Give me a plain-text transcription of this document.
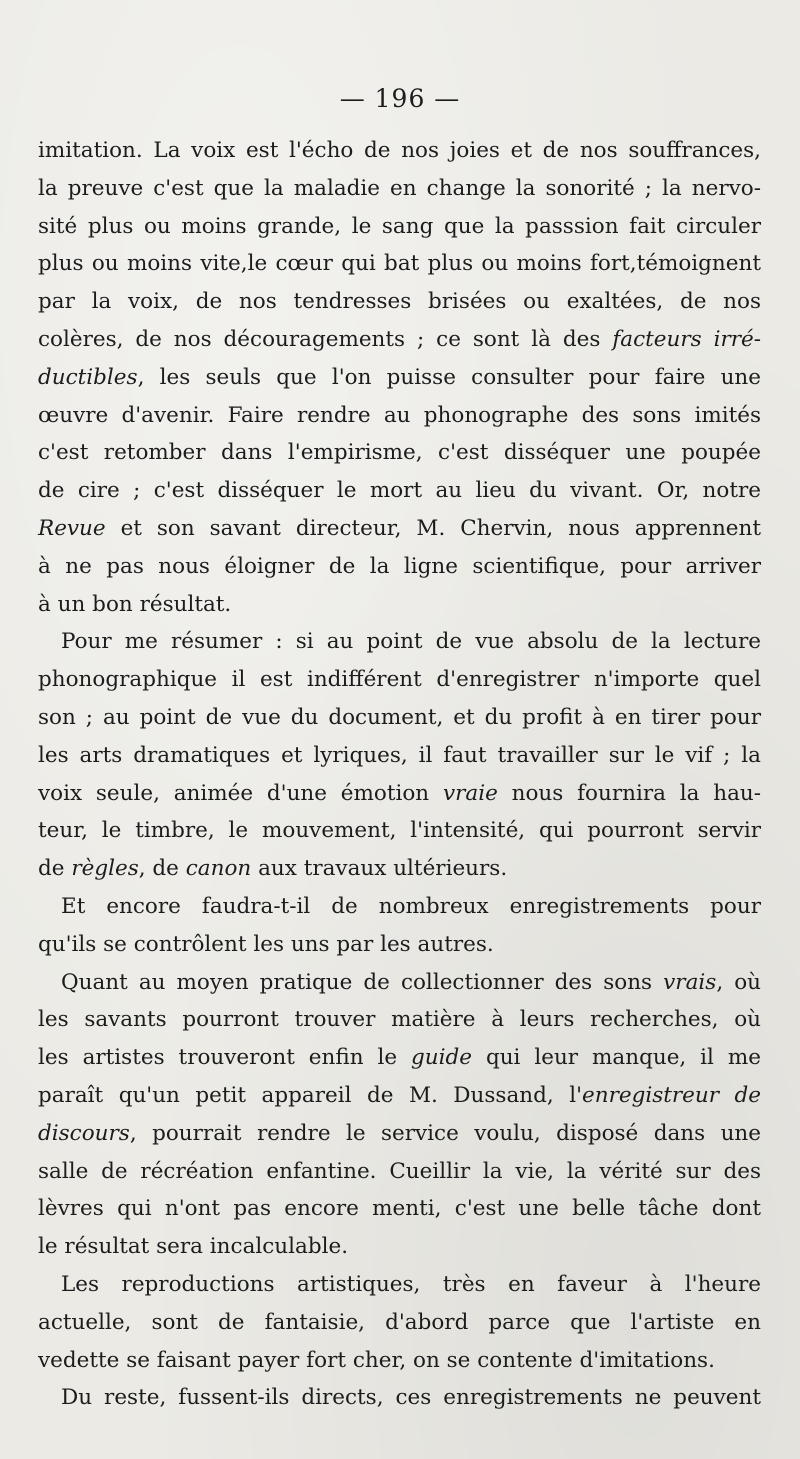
— 196 —
imitation. La voix est l'écho de nos joies et de nos souffrances,
la preuve c'est que la maladie en change la sonorité ; la nervo-
sité plus ou moins grande, le sang que la passsion fait circuler
plus ou moins vite,le cœur qui bat plus ou moins fort,témoignent
par la voix, de nos tendresses brisées ou exaltées, de nos
colères, de nos découragements ; ce sont là des facteurs irré-
ductibles, les seuls que l'on puisse consulter pour faire une
œuvre d'avenir. Faire rendre au phonographe des sons imités
c'est retomber dans l'empirisme, c'est disséquer une poupée
de cire ; c'est disséquer le mort au lieu du vivant. Or, notre
Revue et son savant directeur, M. Chervin, nous apprennent
à ne pas nous éloigner de la ligne scientifique, pour arriver
à un bon résultat.
Pour me résumer : si au point de vue absolu de la lecture
phonographique il est indifférent d'enregistrer n'importe quel
son ; au point de vue du document, et du profit à en tirer pour
les arts dramatiques et lyriques, il faut travailler sur le vif ; la
voix seule, animée d'une émotion vraie nous fournira la hau-
teur, le timbre, le mouvement, l'intensité, qui pourront servir
de règles, de canon aux travaux ultérieurs.
Et encore faudra-t-il de nombreux enregistrements pour
qu'ils se contrôlent les uns par les autres.
Quant au moyen pratique de collectionner des sons vrais, où
les savants pourront trouver matière à leurs recherches, où
les artistes trouveront enfin le guide qui leur manque, il me
paraît qu'un petit appareil de M. Dussand, l'enregistreur de
discours, pourrait rendre le service voulu, disposé dans une
salle de récréation enfantine. Cueillir la vie, la vérité sur des
lèvres qui n'ont pas encore menti, c'est une belle tâche dont
le résultat sera incalculable.
Les reproductions artistiques, très en faveur à l'heure
actuelle, sont de fantaisie, d'abord parce que l'artiste en
vedette se faisant payer fort cher, on se contente d'imitations.
Du reste, fussent-ils directs, ces enregistrements ne peuvent
